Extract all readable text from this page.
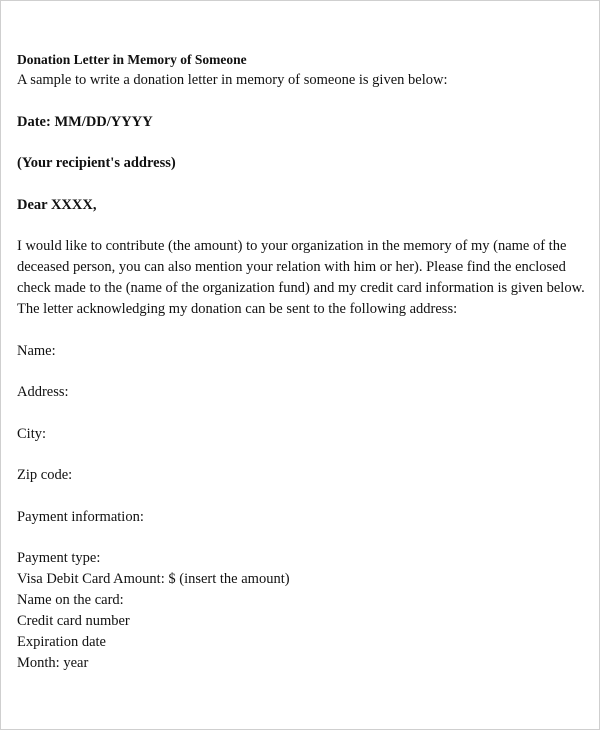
Donation Letter in Memory of Someone
A sample to write a donation letter in memory of someone is given below:
Date: MM/DD/YYYY
(Your recipient's address)
Dear XXXX,
I would like to contribute (the amount) to your organization in the memory of my (name of the
deceased person, you can also mention your relation with him or her). Please find the enclosed
check made to the (name of the organization fund) and my credit card information is given below.
The letter acknowledging my donation can be sent to the following address:
Name:
Address:
City:
Zip code:
Payment information:
Payment type:
Visa Debit Card Amount: $ (insert the amount)
Name on the card:
Credit card number
Expiration date
Month: year
